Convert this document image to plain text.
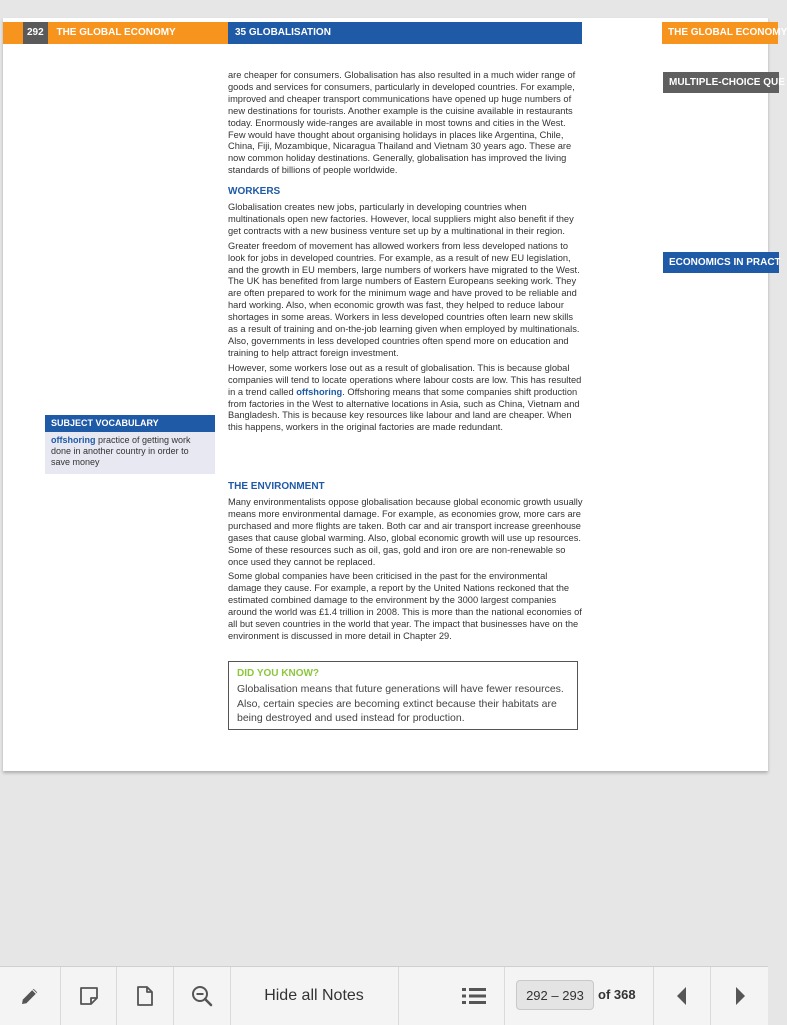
292 THE GLOBAL ECONOMY	35 GLOBALISATION	THE GLOBAL ECONOMY
MULTIPLE-CHOICE QUE
ECONOMICS IN PRACT

are cheaper for consumers. Globalisation has also resulted in a much wider range of goods and services for consumers, particularly in developed countries. For example, improved and cheaper transport communications have opened up huge numbers of new destinations for tourists. Another example is the cuisine available in restaurants today. Enormously wide-ranges are available in most towns and cities in the West. Few would have thought about organising holidays in places like Argentina, Chile, China, Fiji, Mozambique, Nicaragua Thailand and Vietnam 30 years ago. These are now common holiday destinations. Generally, globalisation has improved the living standards of billions of people worldwide.

WORKERS

Globalisation creates new jobs, particularly in developing countries when multinationals open new factories. However, local suppliers might also benefit if they get contracts with a new business venture set up by a multinational in their region.

Greater freedom of movement has allowed workers from less developed nations to look for jobs in developed countries. For example, as a result of new EU legislation, and the growth in EU members, large numbers of workers have migrated to the West. The UK has benefited from large numbers of Eastern Europeans seeking work. They are often prepared to work for the minimum wage and have proved to be reliable and hard working. Also, when economic growth was fast, they helped to reduce labour shortages in some areas. Workers in less developed countries often learn new skills as a result of training and on-the-job learning given when employed by multinationals. Also, governments in less developed countries often spend more on education and training to help attract foreign investment.

However, some workers lose out as a result of globalisation. This is because global companies will tend to locate operations where labour costs are low. This has resulted in a trend called offshoring. Offshoring means that some companies shift production from factories in the West to alternative locations in Asia, such as China, Vietnam and Bangladesh. This is because key resources like labour and land are cheaper. When this happens, workers in the original factories are made redundant.

THE ENVIRONMENT

Many environmentalists oppose globalisation because global economic growth usually means more environmental damage. For example, as economies grow, more cars are purchased and more flights are taken. Both car and air transport increase greenhouse gases that cause global warming. Also, global economic growth will use up resources. Some of these resources such as oil, gas, gold and iron ore are non-renewable so once used they cannot be replaced.

Some global companies have been criticised in the past for the environmental damage they cause. For example, a report by the United Nations reckoned that the estimated combined damage to the environment by the 3000 largest companies around the world was £1.4 trillion in 2008. This is more than the national economies of all but seven countries in the world that year. The impact that businesses have on the environment is discussed in more detail in Chapter 29.

SUBJECT VOCABULARY
offshoring practice of getting work done in another country in order to save money
DID YOU KNOW?
Globalisation means that future generations will have fewer resources. Also, certain species are becoming extinct because their habitats are being destroyed and used instead for production.
Hide all Notes	292 – 293	of 368
